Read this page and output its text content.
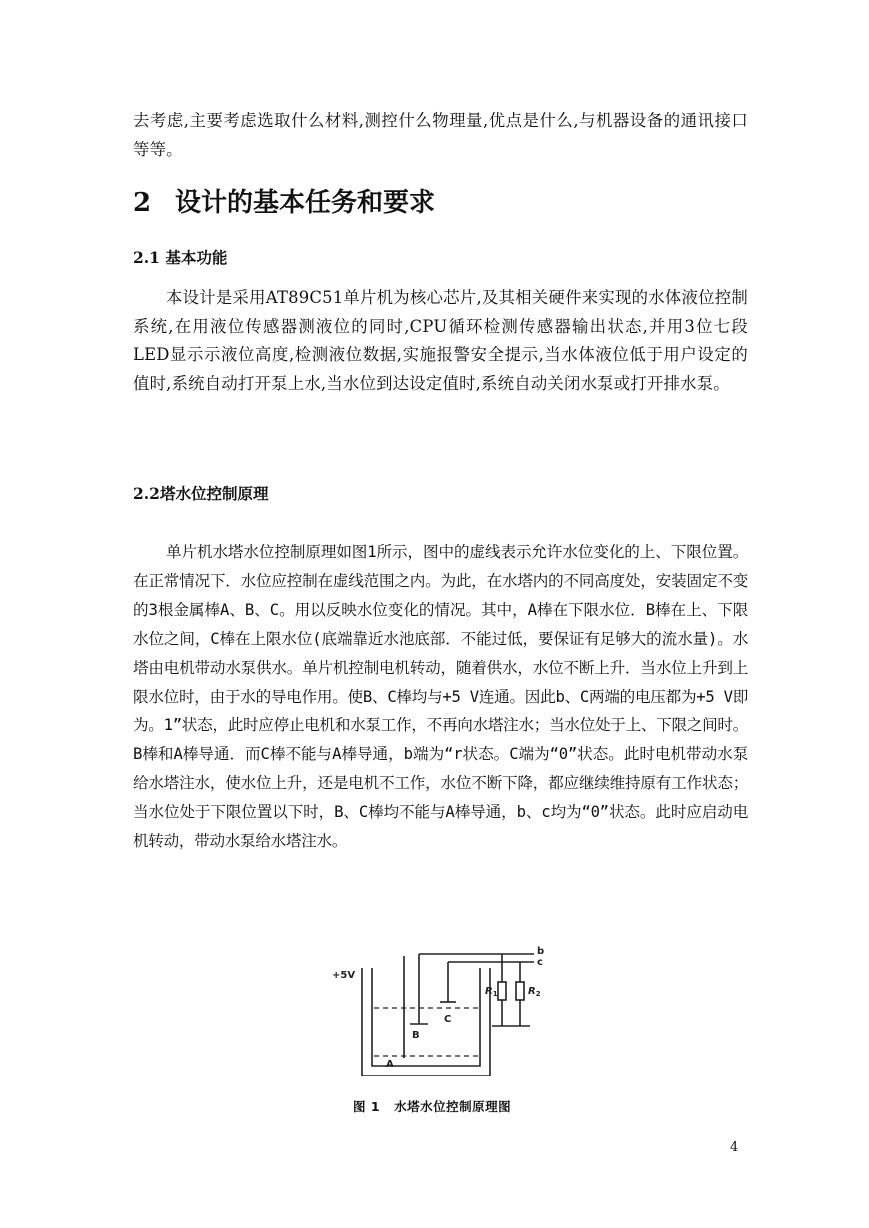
去考虑,主要考虑选取什么材料,测控什么物理量,优点是什么,与机器设备的通讯接口等等。

2 设计的基本任务和要求
2.1 基本功能

本设计是采用AT89C51单片机为核心芯片,及其相关硬件来实现的水体液位控制系统,在用液位传感器测液位的同时,CPU循环检测传感器输出状态,并用3位七段LED显示示液位高度,检测液位数据,实施报警安全提示,当水体液位低于用户设定的值时,系统自动打开泵上水,当水位到达设定值时,系统自动关闭水泵或打开排水泵。

2.2塔水位控制原理

单片机水塔水位控制原理如图1所示，图中的虚线表示允许水位变化的上、下限位置。在正常情况下．水位应控制在虚线范围之内。为此，在水塔内的不同高度处，安装固定不变的3根金属棒A、B、C。用以反映水位变化的情况。其中，A棒在下限水位．B棒在上、下限水位之间，C棒在上限水位(底端靠近水池底部．不能过低，要保证有足够大的流水量)。水塔由电机带动水泵供水。单片机控制电机转动，随着供水，水位不断上升．当水位上升到上限水位时，由于水的导电作用。使B、C棒均与+5 V连通。因此b、C两端的电压都为+5 V即为。1”状态，此时应停止电机和水泵工作，不再向水塔注水；当水位处于上、下限之间时。B棒和A棒导通．而C棒不能与A棒导通，b端为“r状态。C端为“0”状态。此时电机带动水泵给水塔注水，使水位上升，还是电机不工作，水位不断下降，都应继续维持原有工作状态；当水位处于下限位置以下时，B、C棒均不能与A棒导通，b、c均为“0”状态。此时应启动电机转动，带动水泵给水塔注水。

+5V
b
c
$R_1$	$R_2$
A
B
C

图 1 水塔水位控制原理图

4
